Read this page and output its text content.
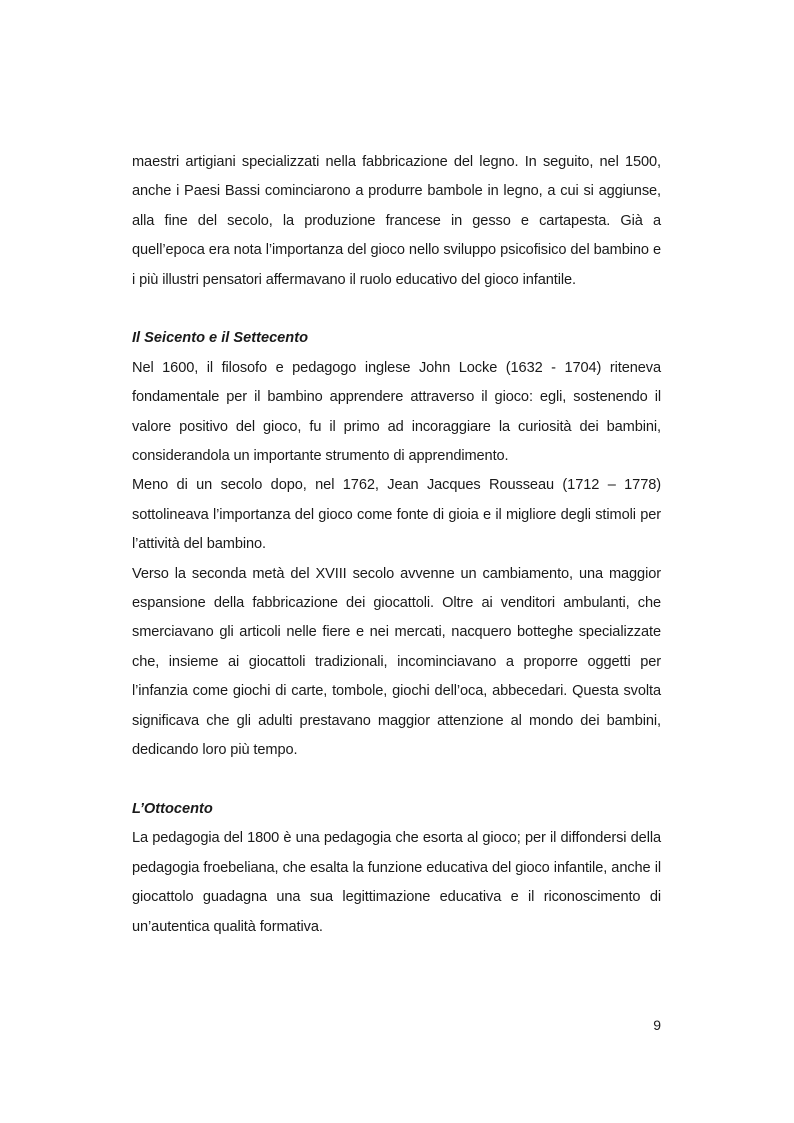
maestri artigiani specializzati nella fabbricazione del legno. In seguito, nel 1500, anche i Paesi Bassi cominciarono a produrre bambole in legno, a cui si aggiunse, alla fine del secolo, la produzione francese in gesso e cartapesta. Già a quell’epoca era nota l’importanza del gioco nello sviluppo psicofisico del bambino e i più illustri pensatori affermavano il ruolo educativo del gioco infantile.

Il Seicento e il Settecento

Nel 1600, il filosofo e pedagogo inglese John Locke (1632 - 1704) riteneva fondamentale per il bambino apprendere attraverso il gioco: egli, sostenendo il valore positivo del gioco, fu il primo ad incoraggiare la curiosità dei bambini, considerandola un importante strumento di apprendimento.

Meno di un secolo dopo, nel 1762, Jean Jacques Rousseau (1712 – 1778) sottolineava l’importanza del gioco come fonte di gioia e il migliore degli stimoli per l’attività del bambino.

Verso la seconda metà del XVIII secolo avvenne un cambiamento, una maggior espansione della fabbricazione dei giocattoli. Oltre ai venditori ambulanti, che smerciavano gli articoli nelle fiere e nei mercati, nacquero botteghe specializzate che, insieme ai giocattoli tradizionali, incominciavano a proporre oggetti per l’infanzia come giochi di carte, tombole, giochi dell’oca, abbecedari. Questa svolta significava che gli adulti prestavano maggior attenzione al mondo dei bambini, dedicando loro più tempo.

L’Ottocento

La pedagogia del 1800 è una pedagogia che esorta al gioco; per il diffondersi della pedagogia froebeliana, che esalta la funzione educativa del gioco infantile, anche il giocattolo guadagna una sua legittimazione educativa e il riconoscimento di un’autentica qualità formativa.

9
